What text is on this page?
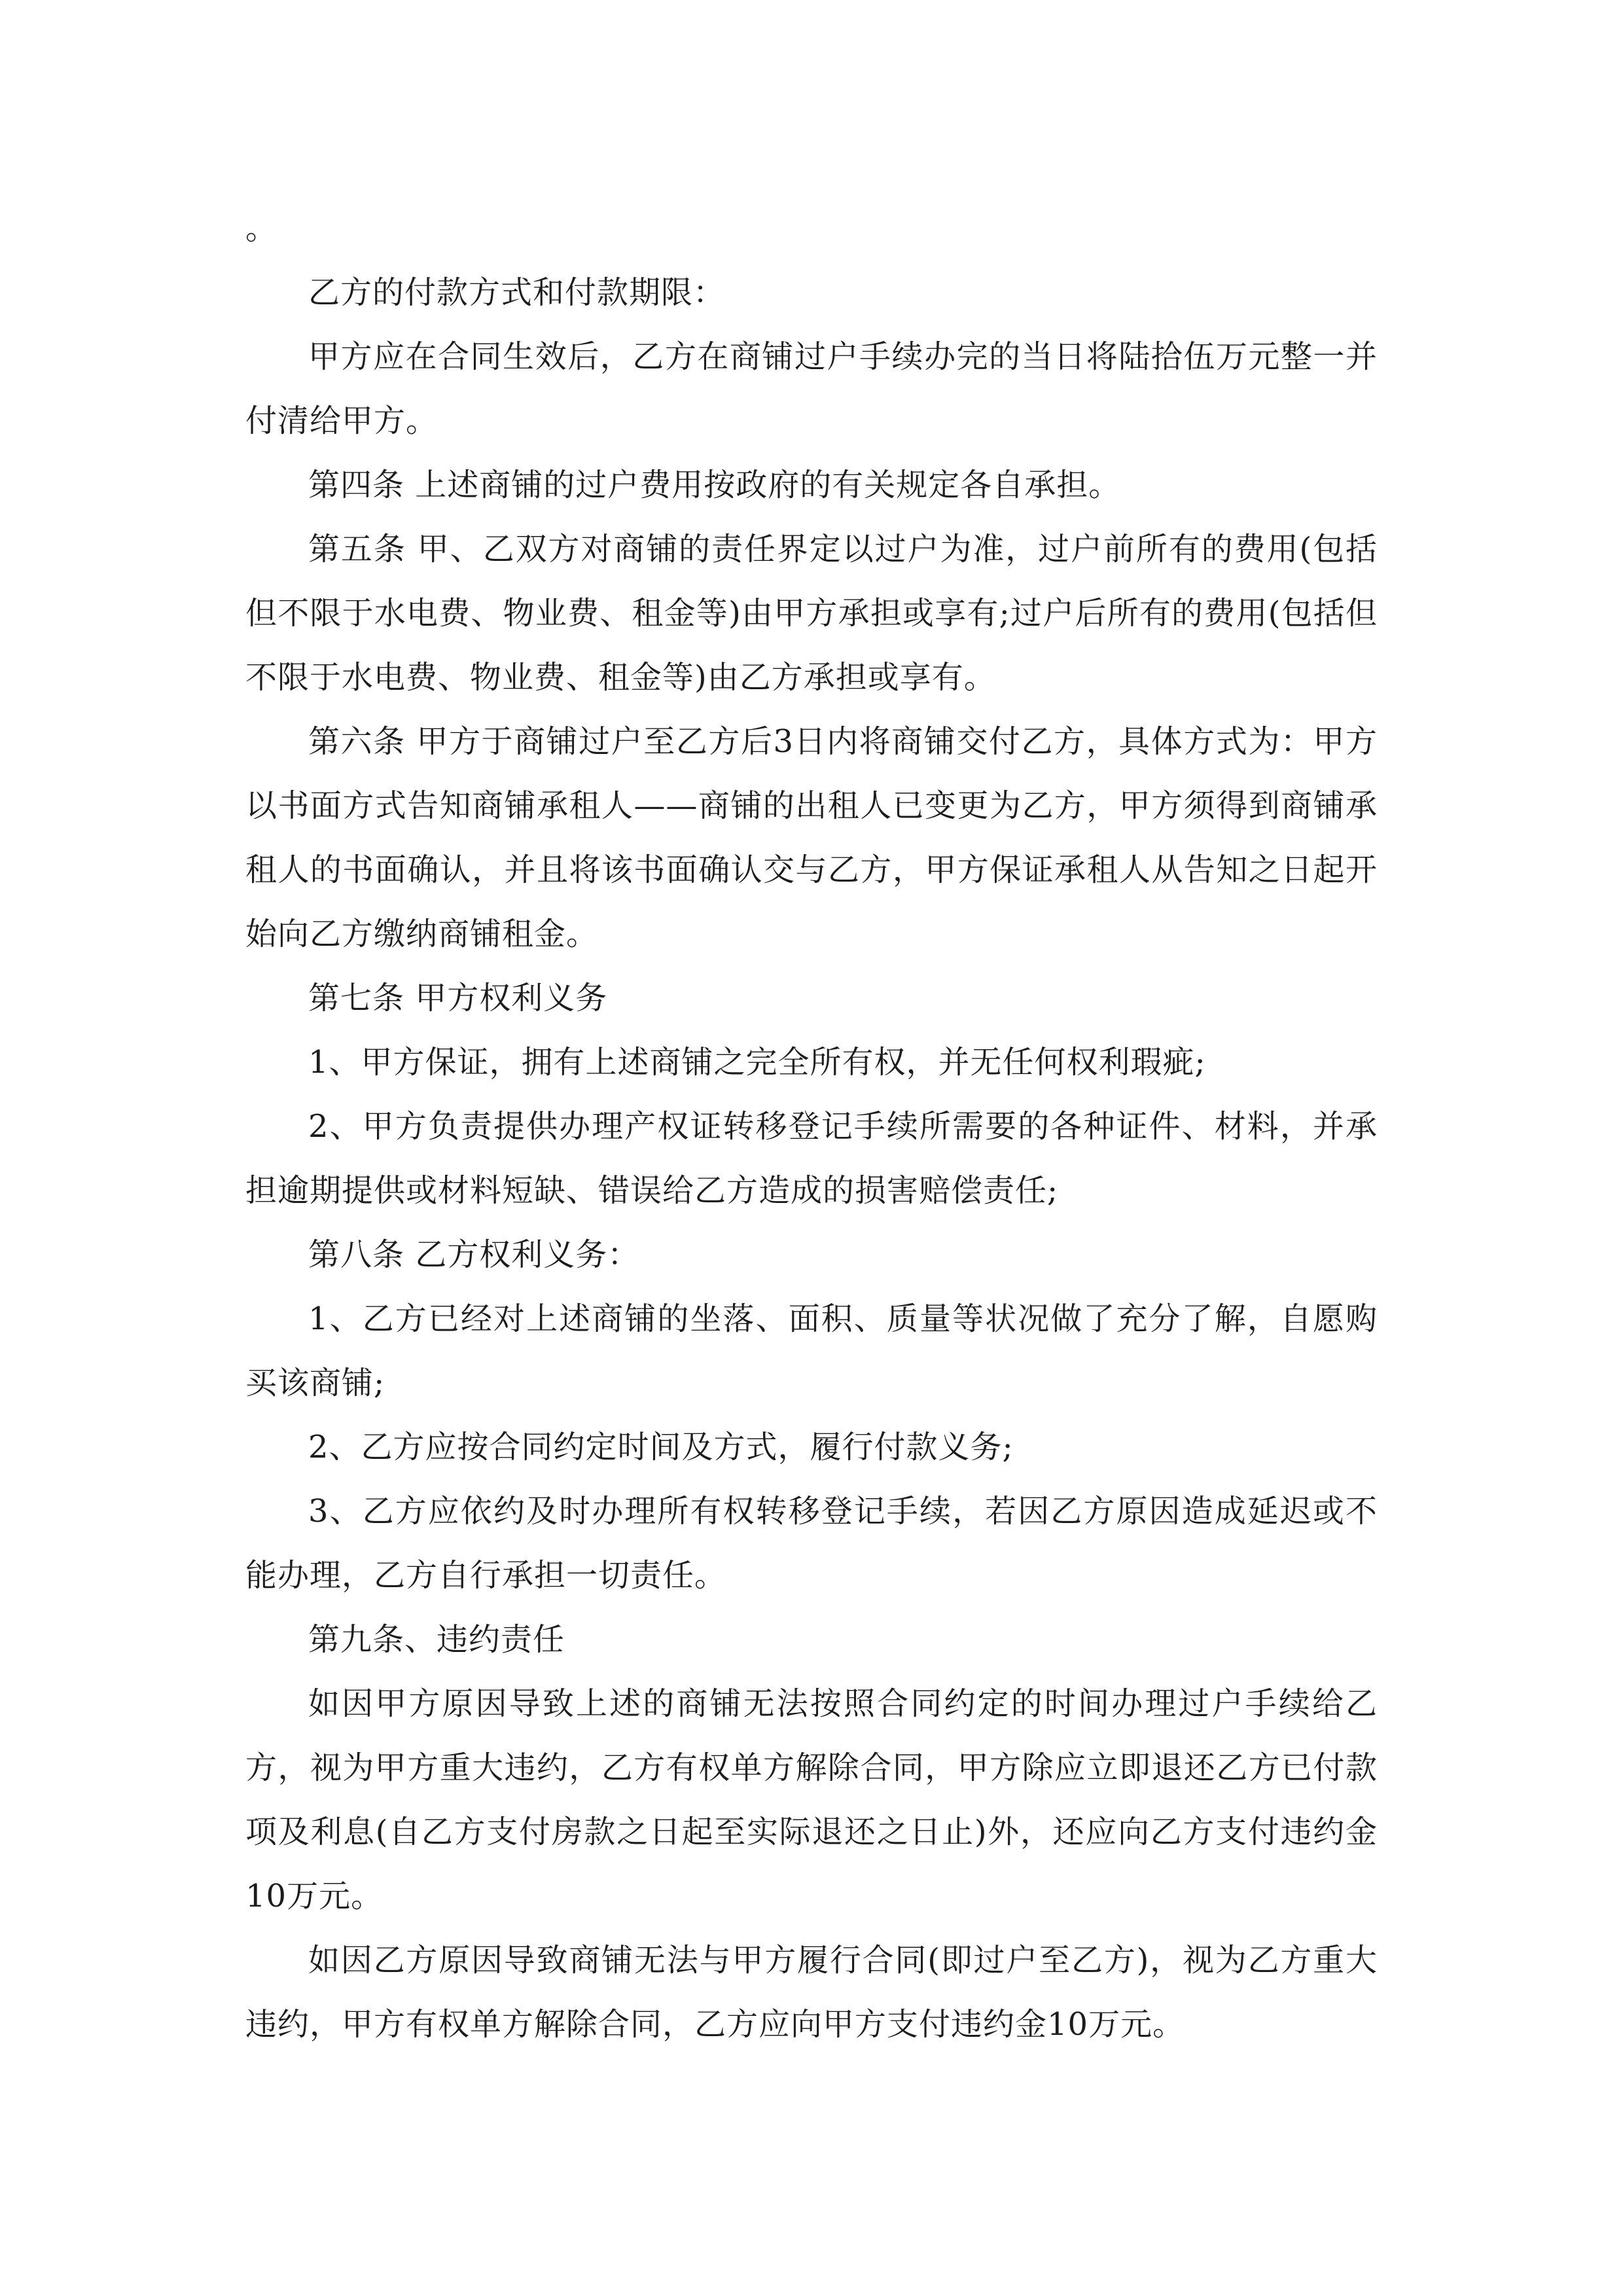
。

乙方的付款方式和付款期限：

甲方应在合同生效后，乙方在商铺过户手续办完的当日将陆拾伍万元整一并付清给甲方。

第四条 上述商铺的过户费用按政府的有关规定各自承担。

第五条 甲、乙双方对商铺的责任界定以过户为准，过户前所有的费用(包括但不限于水电费、物业费、租金等)由甲方承担或享有;过户后所有的费用(包括但不限于水电费、物业费、租金等)由乙方承担或享有。

第六条 甲方于商铺过户至乙方后3日内将商铺交付乙方，具体方式为：甲方以书面方式告知商铺承租人——商铺的出租人已变更为乙方，甲方须得到商铺承租人的书面确认，并且将该书面确认交与乙方，甲方保证承租人从告知之日起开始向乙方缴纳商铺租金。

第七条 甲方权利义务

1、甲方保证，拥有上述商铺之完全所有权，并无任何权利瑕疵;

2、甲方负责提供办理产权证转移登记手续所需要的各种证件、材料，并承担逾期提供或材料短缺、错误给乙方造成的损害赔偿责任;

第八条 乙方权利义务：

1、乙方已经对上述商铺的坐落、面积、质量等状况做了充分了解，自愿购买该商铺;

2、乙方应按合同约定时间及方式，履行付款义务;

3、乙方应依约及时办理所有权转移登记手续，若因乙方原因造成延迟或不能办理，乙方自行承担一切责任。

第九条、违约责任

如因甲方原因导致上述的商铺无法按照合同约定的时间办理过户手续给乙方，视为甲方重大违约，乙方有权单方解除合同，甲方除应立即退还乙方已付款项及利息(自乙方支付房款之日起至实际退还之日止)外，还应向乙方支付违约金10万元。

如因乙方原因导致商铺无法与甲方履行合同(即过户至乙方)，视为乙方重大违约，甲方有权单方解除合同，乙方应向甲方支付违约金10万元。
